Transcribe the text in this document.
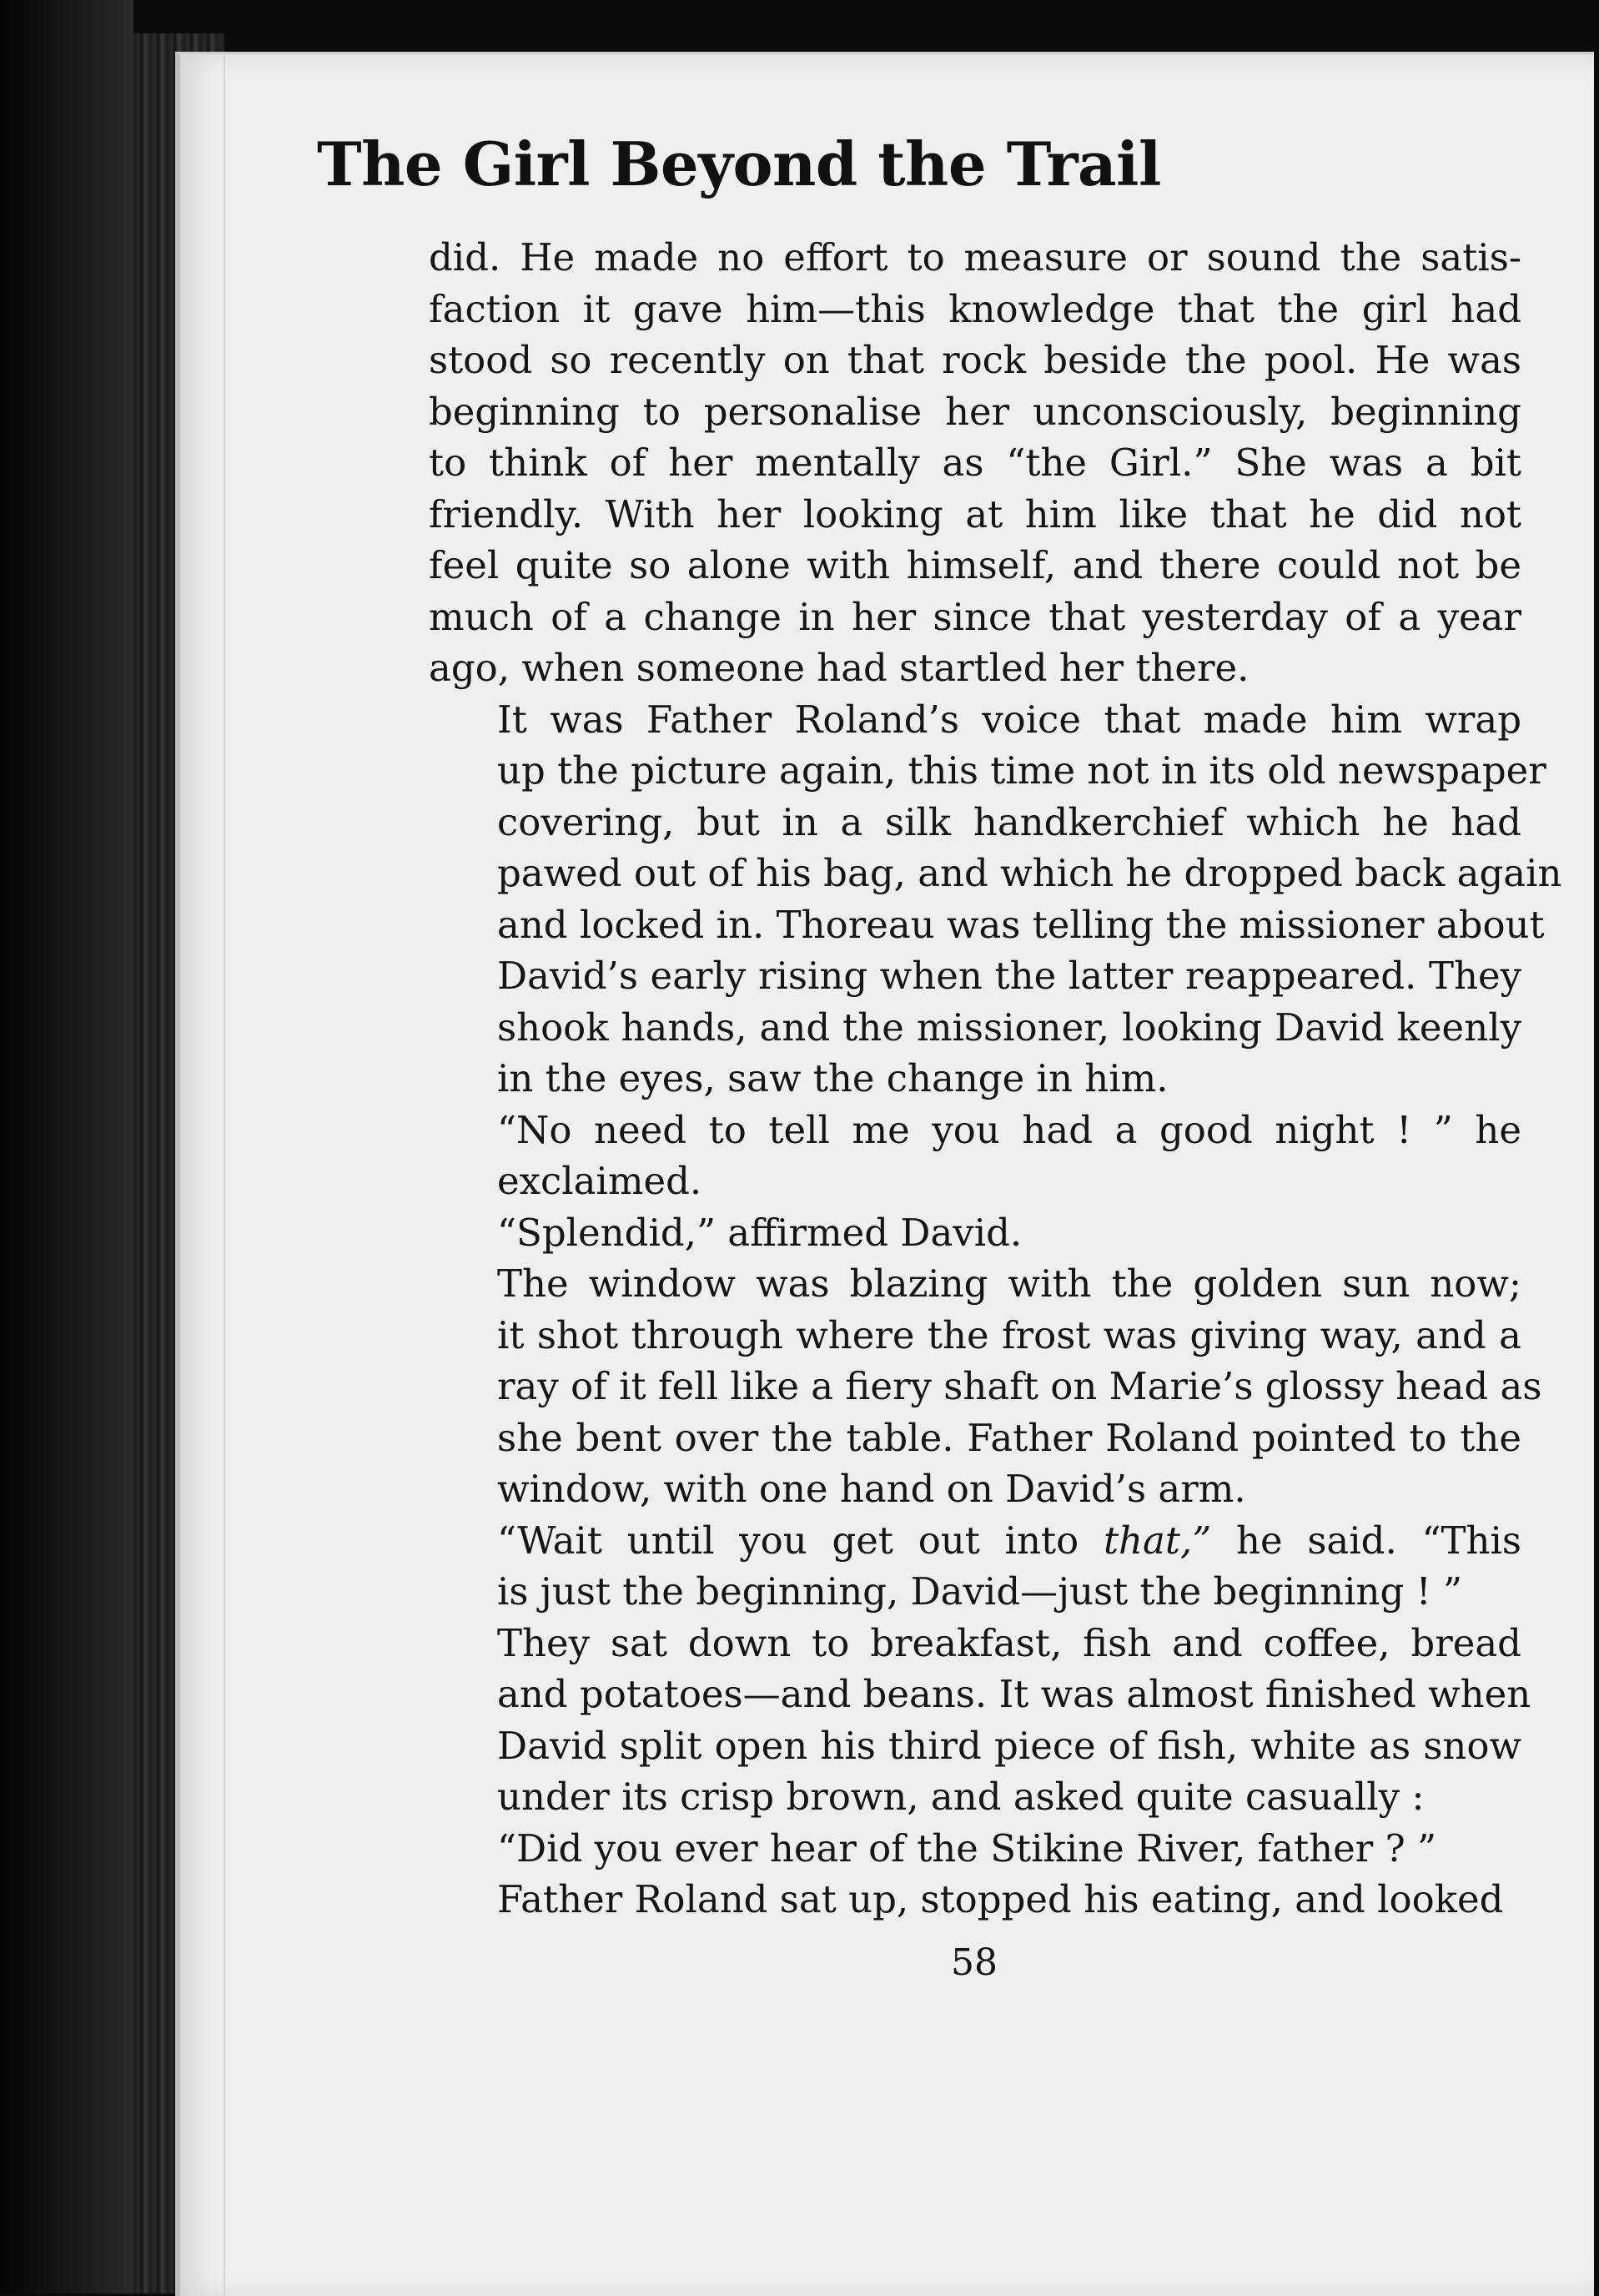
The Girl Beyond the Trail

did. He made no effort to measure or sound the satis-
faction it gave him—this knowledge that the girl had
stood so recently on that rock beside the pool. He was
beginning to personalise her unconsciously, beginning
to think of her mentally as “the Girl.” She was a bit
friendly. With her looking at him like that he did not
feel quite so alone with himself, and there could not be
much of a change in her since that yesterday of a year
ago, when someone had startled her there.

It was Father Roland’s voice that made him wrap
up the picture again, this time not in its old newspaper
covering, but in a silk handkerchief which he had
pawed out of his bag, and which he dropped back again
and locked in. Thoreau was telling the missioner about
David’s early rising when the latter reappeared. They
shook hands, and the missioner, looking David keenly
in the eyes, saw the change in him.

“No need to tell me you had a good night ! ” he
exclaimed.

“Splendid,” affirmed David.

The window was blazing with the golden sun now;
it shot through where the frost was giving way, and a
ray of it fell like a fiery shaft on Marie’s glossy head as
she bent over the table. Father Roland pointed to the
window, with one hand on David’s arm.

“Wait until you get out into that,” he said. “This
is just the beginning, David—just the beginning ! ”

They sat down to breakfast, fish and coffee, bread
and potatoes—and beans. It was almost finished when
David split open his third piece of fish, white as snow
under its crisp brown, and asked quite casually :

“Did you ever hear of the Stikine River, father ? ”

Father Roland sat up, stopped his eating, and looked

58
